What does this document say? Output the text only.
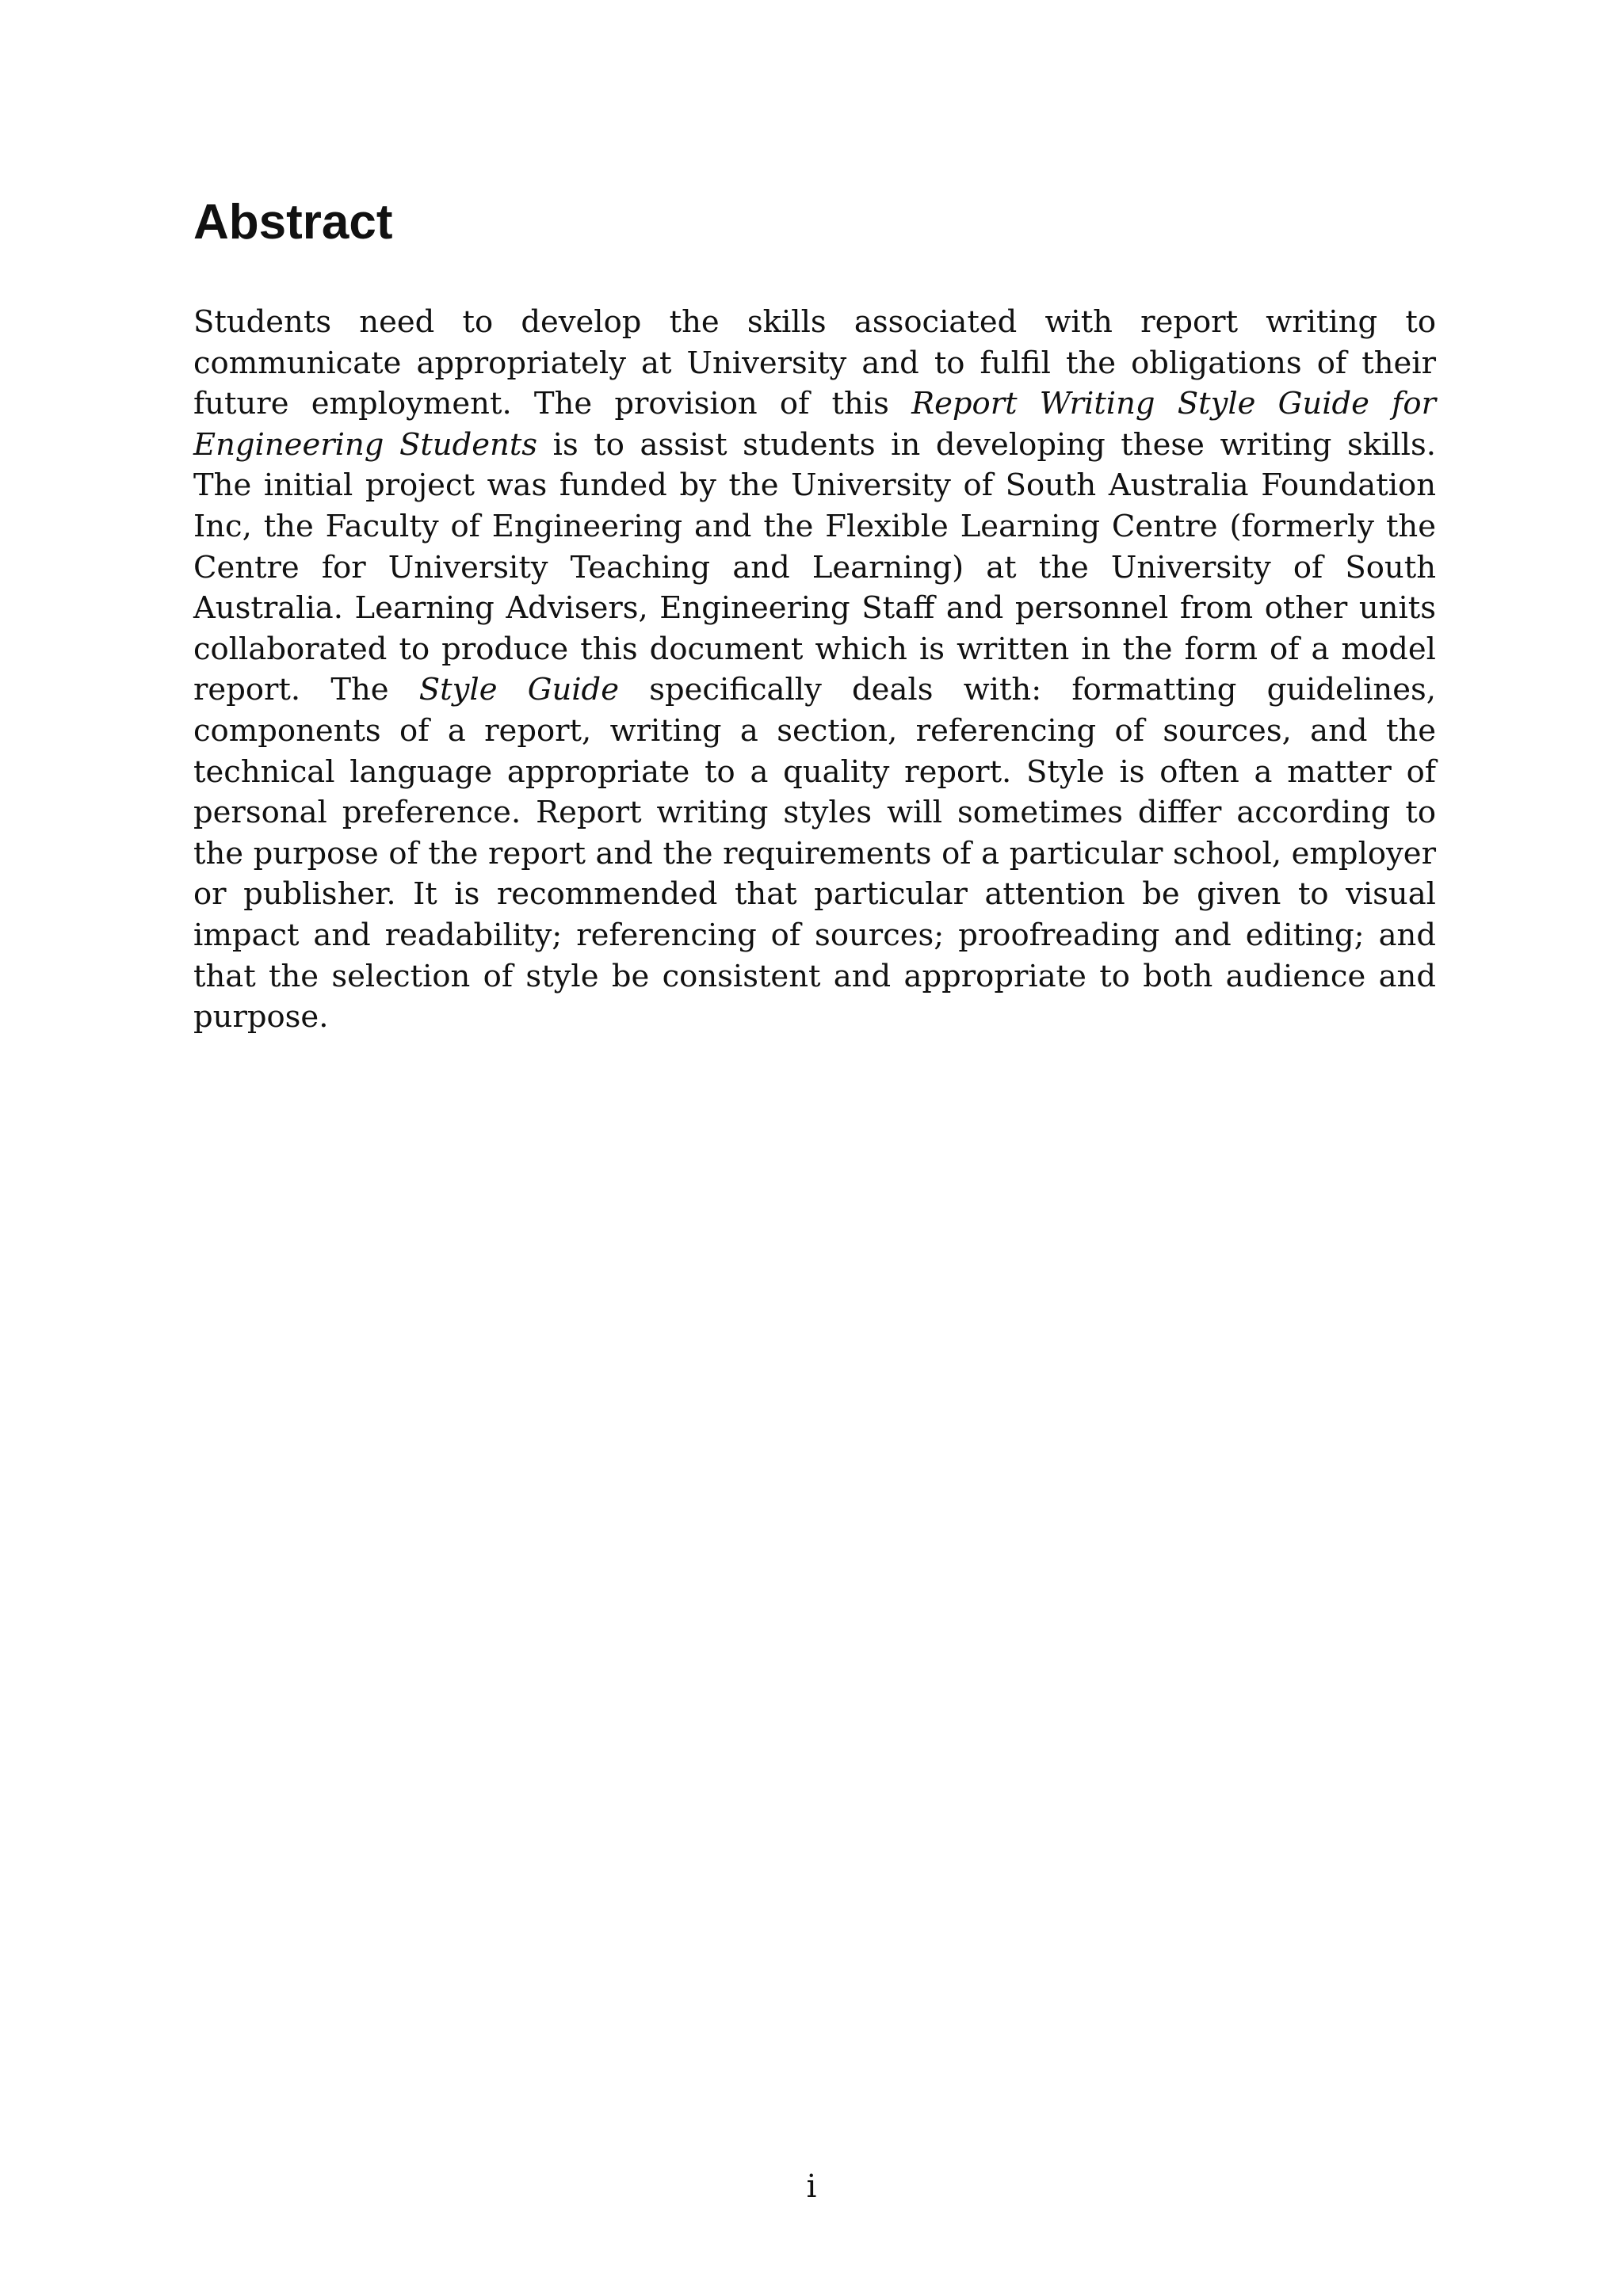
Abstract

Students need to develop the skills associated with report writing to communicate appropriately at University and to fulfil the obligations of their future employment. The provision of this Report Writing Style Guide for Engineering Students is to assist students in developing these writing skills. The initial project was funded by the University of South Australia Foundation Inc, the Faculty of Engineering and the Flexible Learning Centre (formerly the Centre for University Teaching and Learning) at the University of South Australia. Learning Advisers, Engineering Staff and personnel from other units collaborated to produce this document which is written in the form of a model report. The Style Guide specifically deals with: formatting guidelines, components of a report, writing a section, referencing of sources, and the technical language appropriate to a quality report. Style is often a matter of personal preference. Report writing styles will sometimes differ according to the purpose of the report and the requirements of a particular school, employer or publisher. It is recommended that particular attention be given to visual impact and readability; referencing of sources; proofreading and editing; and that the selection of style be consistent and appropriate to both audience and purpose.

i
